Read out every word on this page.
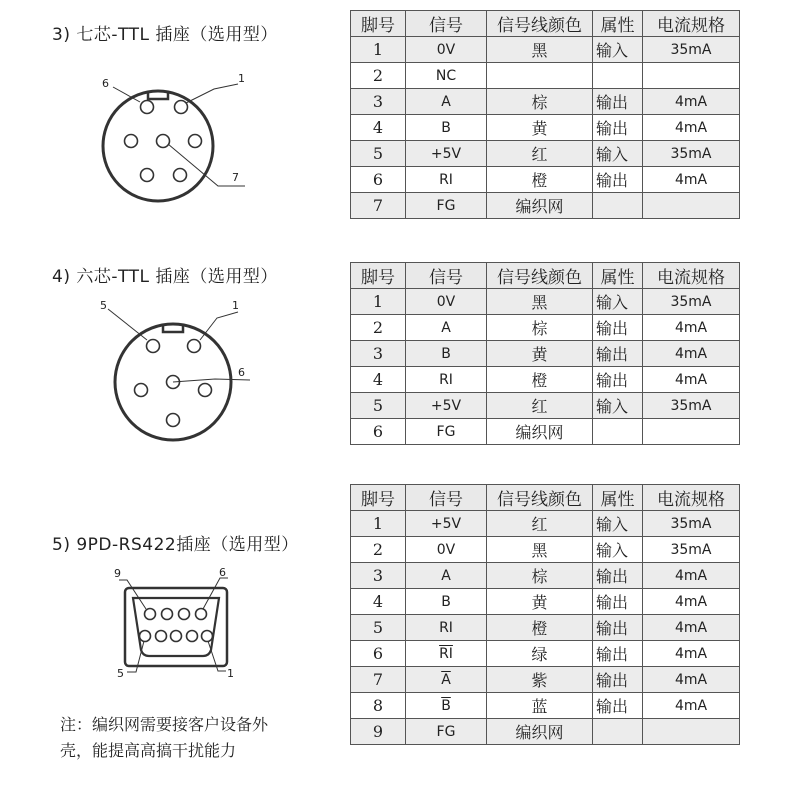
3) 七芯-TTL 插座（选用型）
6	1
7
4) 六芯-TTL 插座（选用型）
5	1
6
5) 9PD-RS422插座（选用型）
9	6
5	1
脚号	信号	信号线颜色	属性	电流规格
1	0V	黑	输入	35mA
2	NC			
3	A	棕	输出	4mA
4	B	黄	输出	4mA
5	+5V	红	输入	35mA
6	RI	橙	输出	4mA
7	FG	编织网		
脚号	信号	信号线颜色	属性	电流规格
1	0V	黑	输入	35mA
2	A	棕	输出	4mA
3	B	黄	输出	4mA
4	RI	橙	输出	4mA
5	+5V	红	输入	35mA
6	FG	编织网		
脚号	信号	信号线颜色	属性	电流规格
1	+5V	红	输入	35mA
2	0V	黑	输入	35mA
3	A	棕	输出	4mA
4	B	黄	输出	4mA
5	RI	橙	输出	4mA
6	$\overline{RI}$	绿	输出	4mA
7	$\overline{A}$	紫	输出	4mA
8	$\overline{B}$	蓝	输出	4mA
9	FG	编织网		
注：编织网需要接客户设备外
壳，能提高高搞干扰能力
